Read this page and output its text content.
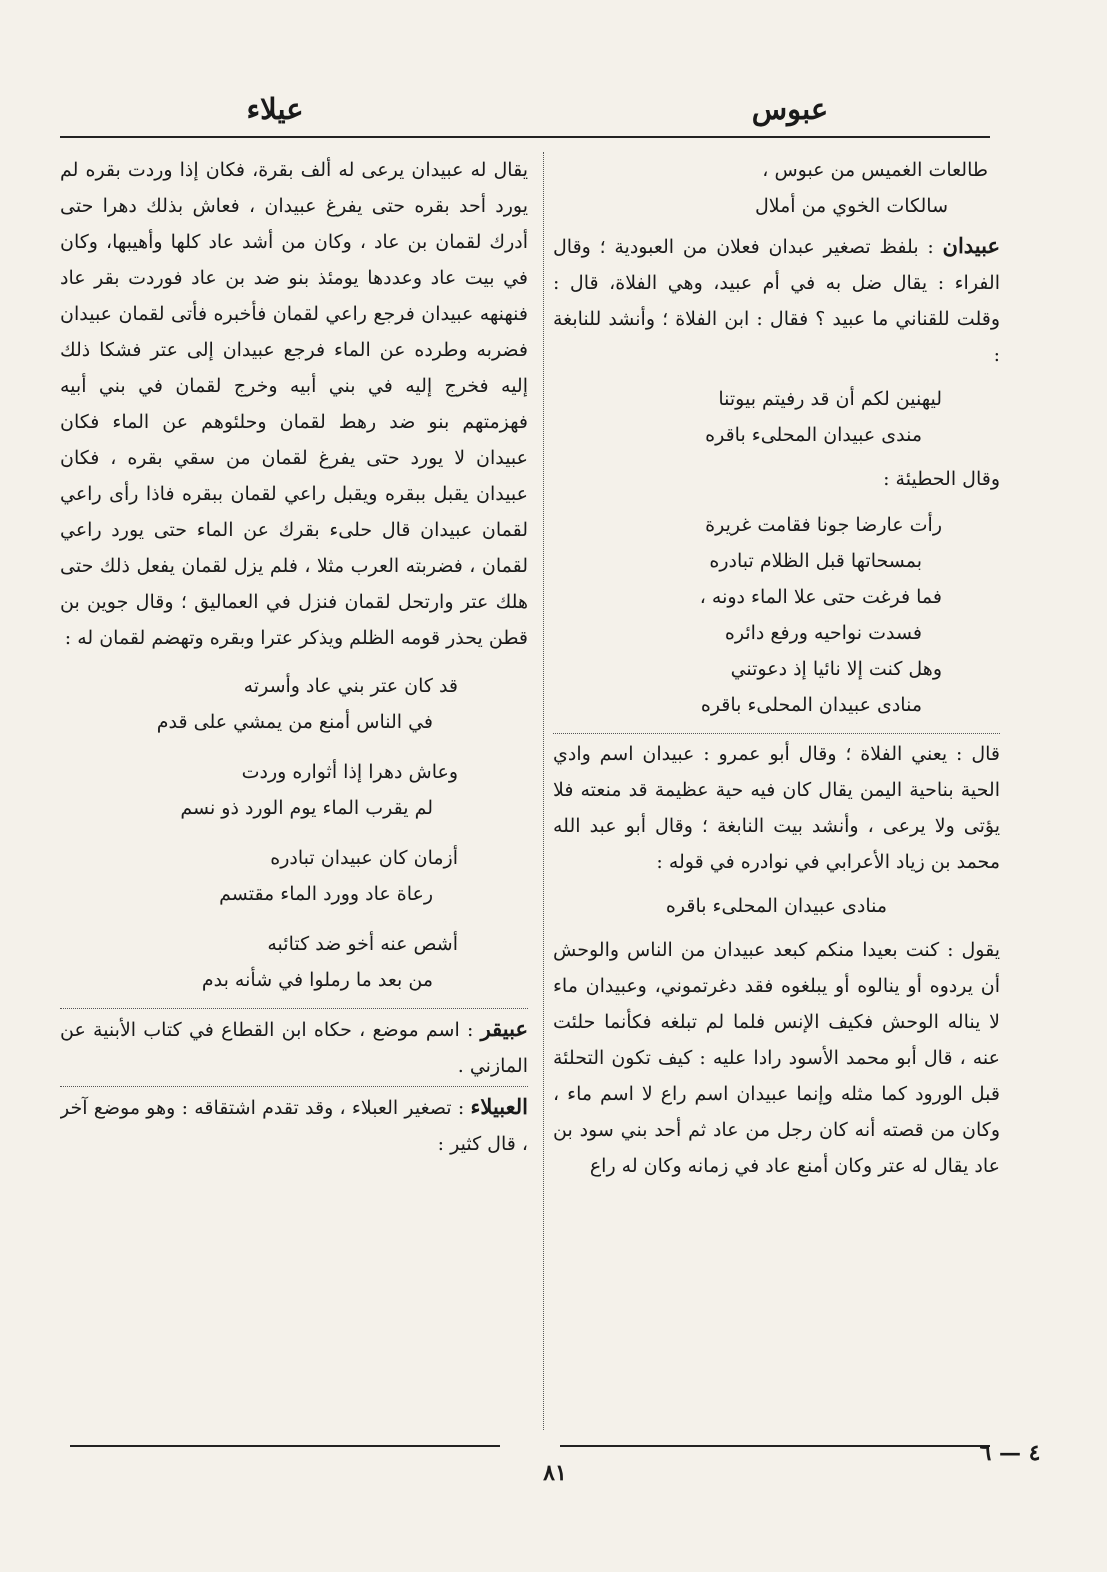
عبوس
عيلاء
طالعات الغميس من عبوس ،
سالكات الخوي من أملال

عبيدان : بلفظ تصغير عبدان فعلان من العبودية ؛ وقال الفراء : يقال ضل به في أم عبيد، وهي الفلاة، قال : وقلت للقناني ما عبيد ؟ فقال : ابن الفلاة ؛ وأنشد للنابغة :

ليهنين لكم أن قد رفيتم بيوتنا
مندى عبيدان المحلىء باقره

وقال الحطيئة :

رأت عارضا جونا فقامت غريرة
بمسحاتها قبل الظلام تبادره
فما فرغت حتى علا الماء دونه ،
فسدت نواحيه ورفع دائره
وهل كنت إلا نائيا إذ دعوتني
منادى عبيدان المحلىء باقره

قال : يعني الفلاة ؛ وقال أبو عمرو : عبيدان اسم وادي الحية بناحية اليمن يقال كان فيه حية عظيمة قد منعته فلا يؤتى ولا يرعى ، وأنشد بيت النابغة ؛ وقال أبو عبد الله محمد بن زياد الأعرابي في نوادره في قوله :

منادى عبيدان المحلىء باقره

يقول : كنت بعيدا منكم كبعد عبيدان من الناس والوحش أن يردوه أو ينالوه أو يبلغوه فقد دغرتموني، وعبيدان ماء لا يناله الوحش فكيف الإنس فلما لم تبلغه فكأنما حلئت عنه ، قال أبو محمد الأسود رادا عليه : كيف تكون التحلئة قبل الورود كما مثله وإنما عبيدان اسم راع لا اسم ماء ، وكان من قصته أنه كان رجل من عاد ثم أحد بني سود بن عاد يقال له عتر وكان أمنع عاد في زمانه وكان له راع

يقال له عبيدان يرعى له ألف بقرة، فكان إذا وردت بقره لم يورد أحد بقره حتى يفرغ عبيدان ، فعاش بذلك دهرا حتى أدرك لقمان بن عاد ، وكان من أشد عاد كلها وأهيبها، وكان في بيت عاد وعددها يومئذ بنو ضد بن عاد فوردت بقر عاد فنهنهه عبيدان فرجع راعي لقمان فأخبره فأتى لقمان عبيدان فضربه وطرده عن الماء فرجع عبيدان إلى عتر فشكا ذلك إليه فخرج إليه في بني أبيه وخرج لقمان في بني أبيه فهزمتهم بنو ضد رهط لقمان وحلئوهم عن الماء فكان عبيدان لا يورد حتى يفرغ لقمان من سقي بقره ، فكان عبيدان يقبل ببقره ويقبل راعي لقمان ببقره فاذا رأى راعي لقمان عبيدان قال حلىء بقرك عن الماء حتى يورد راعي لقمان ، فضربته العرب مثلا ، فلم يزل لقمان يفعل ذلك حتى هلك عتر وارتحل لقمان فنزل في العماليق ؛ وقال جوين بن قطن يحذر قومه الظلم ويذكر عترا وبقره وتهضم لقمان له :

قد كان عتر بني عاد وأسرته
في الناس أمنع من يمشي على قدم
وعاش دهرا إذا أثواره وردت
لم يقرب الماء يوم الورد ذو نسم
أزمان كان عبيدان تبادره
رعاة عاد وورد الماء مقتسم
أشص عنه أخو ضد كتائبه
من بعد ما رملوا في شأنه بدم

عبيقر : اسم موضع ، حكاه ابن القطاع في كتاب الأبنية عن المازني .

العبيلاء : تصغير العبلاء ، وقد تقدم اشتقاقه : وهو موضع آخر ، قال كثير :

٤ — ٦
٨١
